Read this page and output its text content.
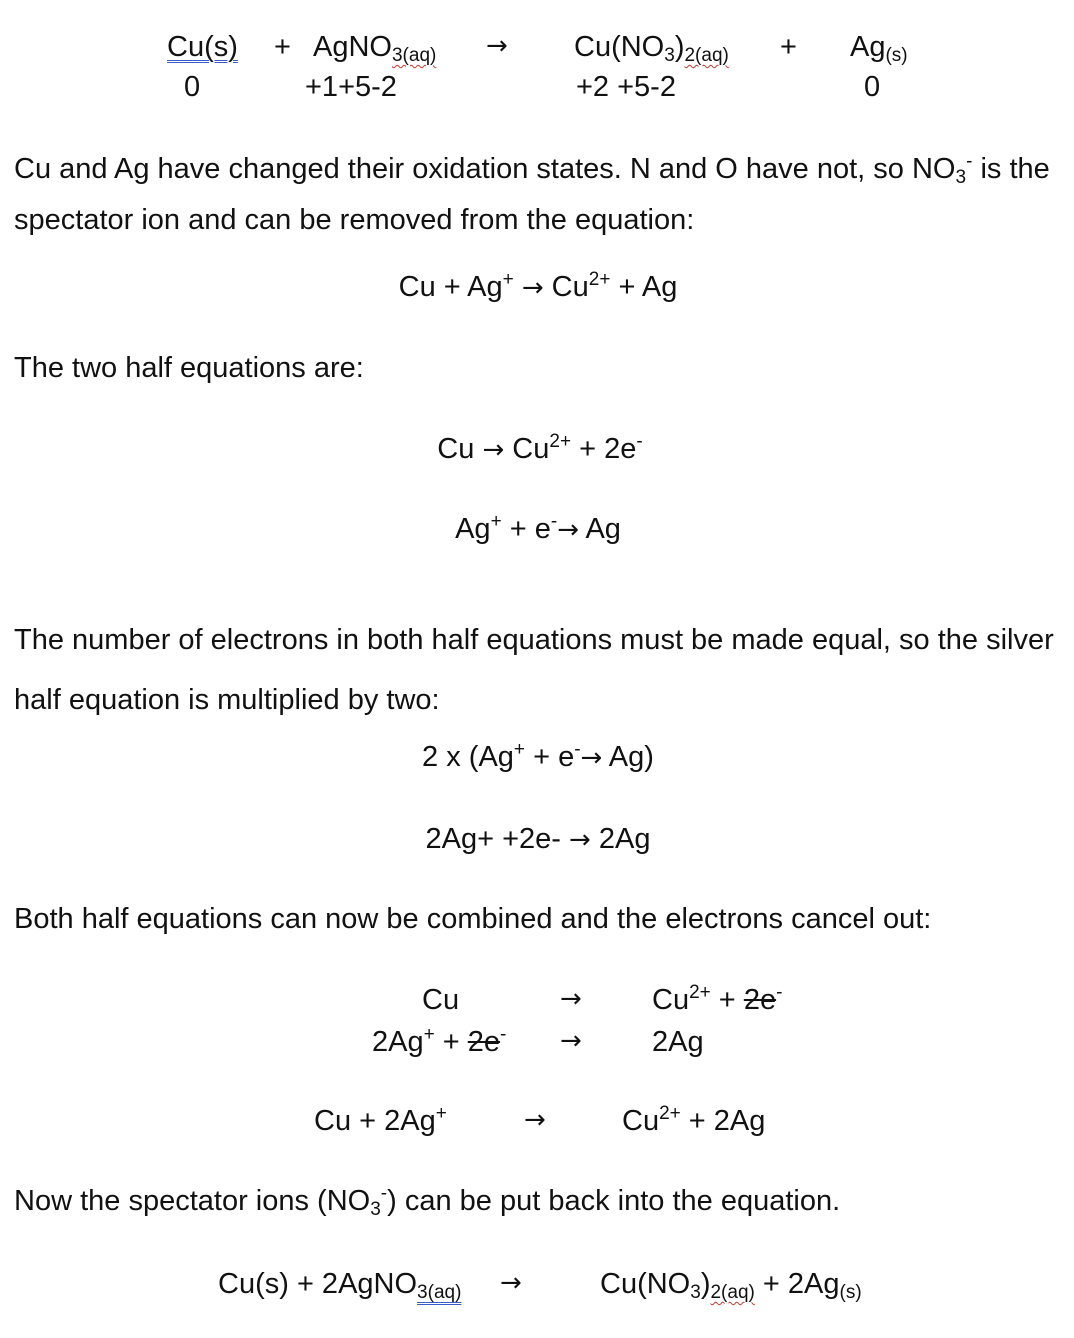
Cu(s) + AgNO$_{3(aq)}$ → $Cu(NO_3)_{2(aq)} + Ag_{(s)}$
0	+1+5-2	+2 +5-2	0
Cu and Ag have changed their oxidation states. N and O have not, so $NO_3^-$ is the spectator ion and can be removed from the equation:
$Cu + Ag^+ \to Cu^{2+} + Ag$
The two half equations are:
$Cu \to Cu^{2+} + 2e^-$
Ag+ + e-→ Ag
The number of electrons in both half equations must be made equal, so the silver half equation is multiplied by two:
2 x (Ag+ + e-→ Ag)
2Ag+ +2e- → 2Ag
Both half equations can now be combined and the electrons cancel out:
Cu	→ $Cu^{2+} + 2e^-$
2Ag+ + 2e- → 2Ag
Cu + 2Ag+	→	$Cu^{2+} + 2Ag$
Now the spectator ions $(NO_3^-)$ can be put back into the equation.
Cu(s) + 2AgNO$_{3(aq)}$ →	$Cu(NO_3)_{2(aq)} + 2Ag_{(s)}$
